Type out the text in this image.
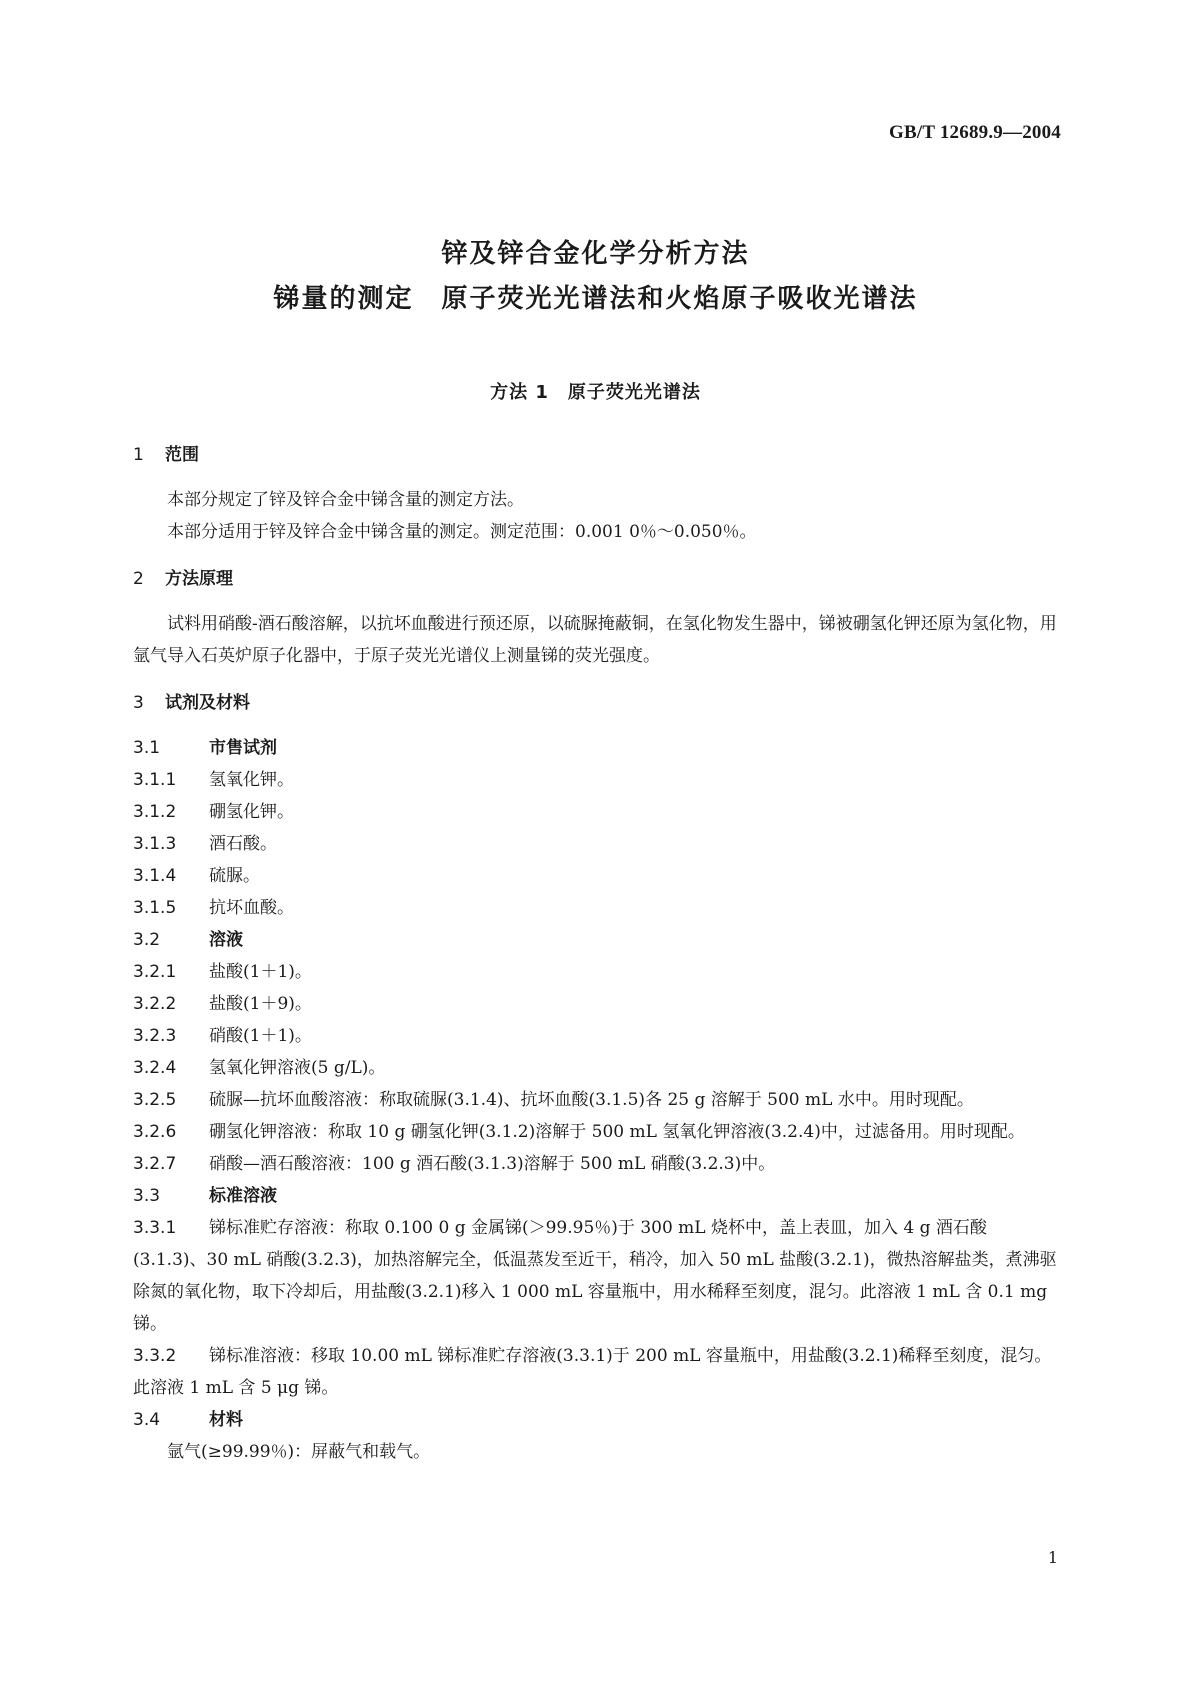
GB/T 12689.9—2004
锌及锌合金化学分析方法
锑量的测定　原子荧光光谱法和火焰原子吸收光谱法
方法 1　原子荧光光谱法
1 范围
本部分规定了锌及锌合金中锑含量的测定方法。
本部分适用于锌及锌合金中锑含量的测定。测定范围：0.001 0％～0.050％。
2 方法原理
试料用硝酸-酒石酸溶解，以抗坏血酸进行预还原，以硫脲掩蔽铜，在氢化物发生器中，锑被硼氢化钾还原为氢化物，用氩气导入石英炉原子化器中，于原子荧光光谱仪上测量锑的荧光强度。
3 试剂及材料
3.1	市售试剂
3.1.1 氢氧化钾。
3.1.2 硼氢化钾。
3.1.3 酒石酸。
3.1.4 硫脲。
3.1.5 抗坏血酸。
3.2	溶液
3.2.1 盐酸(1＋1)。
3.2.2 盐酸(1＋9)。
3.2.3 硝酸(1＋1)。
3.2.4 氢氧化钾溶液(5 g/L)。
3.2.5 硫脲—抗坏血酸溶液：称取硫脲(3.1.4)、抗坏血酸(3.1.5)各 25 g 溶解于 500 mL 水中。用时现配。
3.2.6 硼氢化钾溶液：称取 10 g 硼氢化钾(3.1.2)溶解于 500 mL 氢氧化钾溶液(3.2.4)中，过滤备用。用时现配。
3.2.7 硝酸—酒石酸溶液：100 g 酒石酸(3.1.3)溶解于 500 mL 硝酸(3.2.3)中。
3.3	标准溶液
3.3.1 锑标准贮存溶液：称取 0.100 0 g 金属锑(＞99.95％)于 300 mL 烧杯中，盖上表皿，加入 4 g 酒石酸(3.1.3)、30 mL 硝酸(3.2.3)，加热溶解完全，低温蒸发至近干，稍冷，加入 50 mL 盐酸(3.2.1)，微热溶解盐类，煮沸驱除氮的氧化物，取下冷却后，用盐酸(3.2.1)移入 1 000 mL 容量瓶中，用水稀释至刻度，混匀。此溶液 1 mL 含 0.1 mg 锑。
3.3.2 锑标准溶液：移取 10.00 mL 锑标准贮存溶液(3.3.1)于 200 mL 容量瓶中，用盐酸(3.2.1)稀释至刻度，混匀。此溶液 1 mL 含 5 μg 锑。
3.4	材料
氩气(≥99.99％)：屏蔽气和载气。
1
